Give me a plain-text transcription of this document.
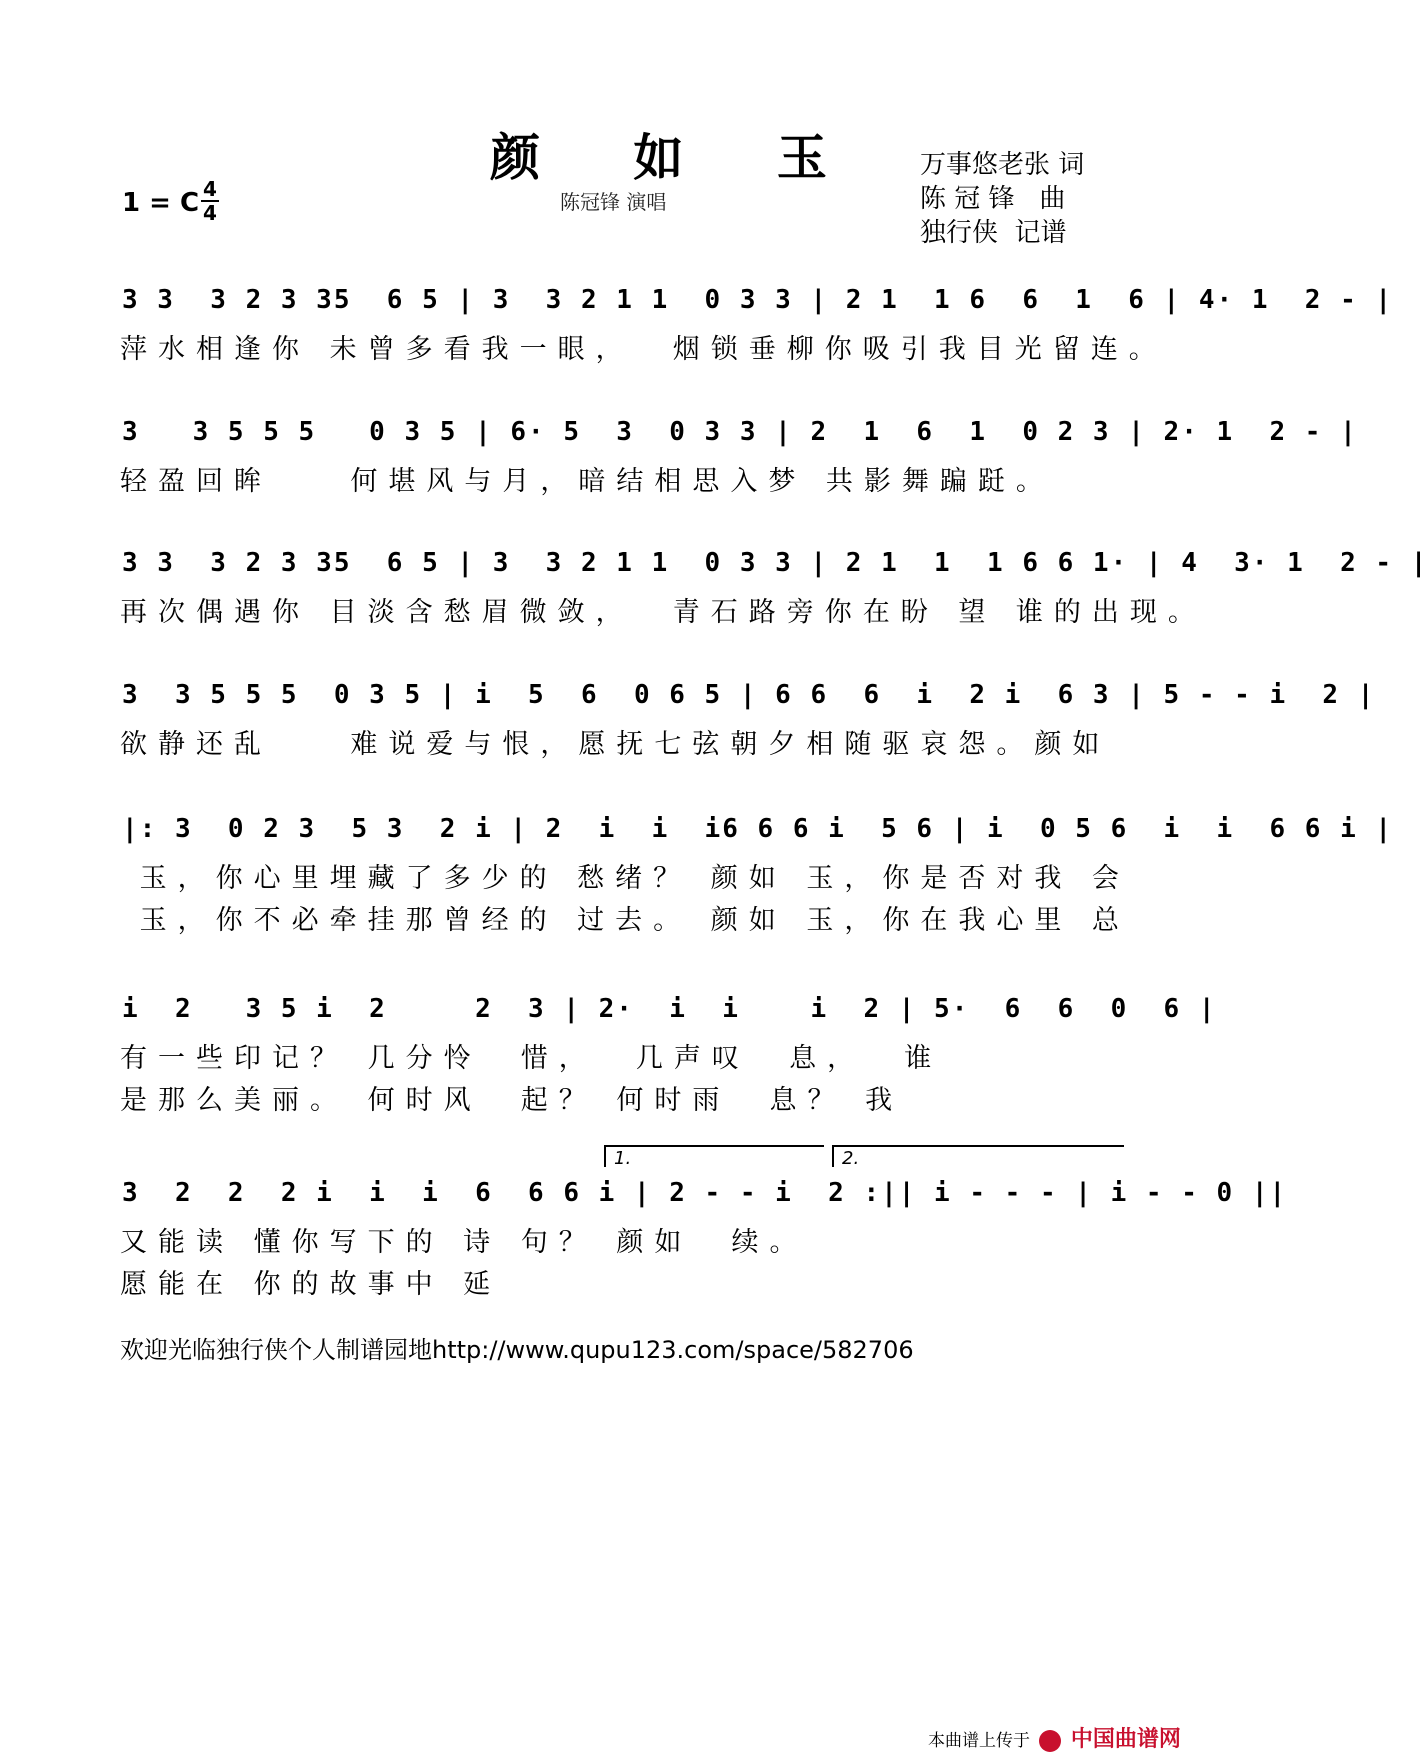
颜 如 玉
陈冠锋 演唱
万事悠老张 词
陈 冠 锋   曲
独行侠  记谱
1 = C 4
4
3 3  3 2 3 35  6 5 | 3  3 2 1 1  0 3 3 | 2 1  1 6  6  1  6 | 4· 1  2 - |
萍水相逢你 未曾多看我一眼，  烟锁垂柳你吸引我目光留连。
3   3 5 5 5   0 3 5 | 6· 5  3  0 3 3 | 2  1  6  1  0 2 3 | 2· 1  2 - |
轻盈回眸    何堪风与月，暗结相思入梦 共影舞蹁跹。
3 3  3 2 3 35  6 5 | 3  3 2 1 1  0 3 3 | 2 1  1  1 6 6 1· | 4  3· 1  2 - |
再次偶遇你 目淡含愁眉微敛，  青石路旁你在盼 望 谁的出现。
3  3 5 5 5  0 3 5 | i  5  6  0 6 5 | 6 6  6  i  2 i  6 3 | 5 - - i  2 |
欲静还乱    难说爱与恨，愿抚七弦朝夕相随驱哀怨。颜如
|: 3  0 2 3  5 3  2 i | 2  i  i  i6 6 6 i  5 6 | i  0 5 6  i  i  6 6 i |
玉，你心里埋藏了多少的 愁绪？ 颜如 玉，你是否对我 会
玉，你不必牵挂那曾经的 过去。 颜如 玉，你在我心里 总
i  2   3 5 i  2     2  3 | 2·  i  i    i  2 | 5·  6  6  0  6 |
有一些印记？ 几分怜  惜，  几声叹  息，  谁
是那么美丽。 何时风  起？ 何时雨  息？ 我
1.	2.
3  2  2  2 i  i  i  6  6 6 i | 2 - - i  2 :|| i - - - | i - - 0 ||
又能读 懂你写下的 诗 句？ 颜如  续。
愿能在 你的故事中 延
欢迎光临独行侠个人制谱园地http://www.qupu123.com/space/582706
本曲谱上传于 中国曲谱网
